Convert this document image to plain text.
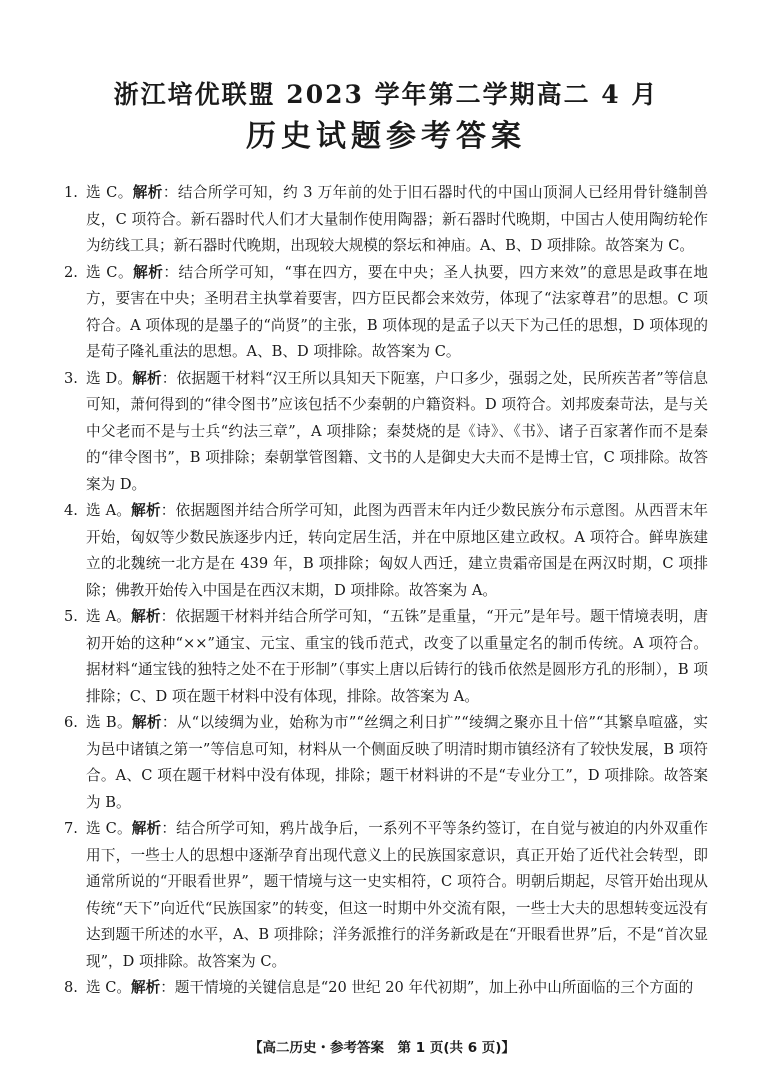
浙江培优联盟 2023 学年第二学期高二 4 月
历史试题参考答案

1. 选 C。解析：结合所学可知，约 3 万年前的处于旧石器时代的中国山顶洞人已经用骨针缝制兽皮，C 项符合。新石器时代人们才大量制作使用陶器；新石器时代晚期，中国古人使用陶纺轮作为纺线工具；新石器时代晚期，出现较大规模的祭坛和神庙。A、B、D 项排除。故答案为 C。

2. 选 C。解析：结合所学可知，“事在四方，要在中央；圣人执要，四方来效”的意思是政事在地方，要害在中央；圣明君主执掌着要害，四方臣民都会来效劳，体现了“法家尊君”的思想。C 项符合。A 项体现的是墨子的“尚贤”的主张，B 项体现的是孟子以天下为己任的思想，D 项体现的是荀子隆礼重法的思想。A、B、D 项排除。故答案为 C。

3. 选 D。解析：依据题干材料“汉王所以具知天下阨塞，户口多少，强弱之处，民所疾苦者”等信息可知，萧何得到的“律令图书”应该包括不少秦朝的户籍资料。D 项符合。刘邦废秦苛法，是与关中父老而不是与士兵“约法三章”，A 项排除；秦焚烧的是《诗》、《书》、诸子百家著作而不是秦的“律令图书”，B 项排除；秦朝掌管图籍、文书的人是御史大夫而不是博士官，C 项排除。故答案为 D。

4. 选 A。解析：依据题图并结合所学可知，此图为西晋末年内迁少数民族分布示意图。从西晋末年开始，匈奴等少数民族逐步内迁，转向定居生活，并在中原地区建立政权。A 项符合。鲜卑族建立的北魏统一北方是在 439 年，B 项排除；匈奴人西迁，建立贵霜帝国是在两汉时期，C 项排除；佛教开始传入中国是在西汉末期，D 项排除。故答案为 A。

5. 选 A。解析：依据题干材料并结合所学可知，“五铢”是重量，“开元”是年号。题干情境表明，唐初开始的这种“××”通宝、元宝、重宝的钱币范式，改变了以重量定名的制币传统。A 项符合。据材料“通宝钱的独特之处不在于形制”（事实上唐以后铸行的钱币依然是圆形方孔的形制），B 项排除；C、D 项在题干材料中没有体现，排除。故答案为 A。

6. 选 B。解析：从“以绫绸为业，始称为市”“丝绸之利日扩”“绫绸之聚亦且十倍”“其繁阜喧盛，实为邑中诸镇之第一”等信息可知，材料从一个侧面反映了明清时期市镇经济有了较快发展，B 项符合。A、C 项在题干材料中没有体现，排除；题干材料讲的不是“专业分工”，D 项排除。故答案为 B。

7. 选 C。解析：结合所学可知，鸦片战争后，一系列不平等条约签订，在自觉与被迫的内外双重作用下，一些士人的思想中逐渐孕育出现代意义上的民族国家意识，真正开始了近代社会转型，即通常所说的“开眼看世界”，题干情境与这一史实相符，C 项符合。明朝后期起，尽管开始出现从传统“天下”向近代“民族国家”的转变，但这一时期中外交流有限，一些士大夫的思想转变远没有达到题干所述的水平，A、B 项排除；洋务派推行的洋务新政是在“开眼看世界”后，不是“首次显现”，D 项排除。故答案为 C。

8. 选 C。解析：题干情境的关键信息是“20 世纪 20 年代初期”，加上孙中山所面临的三个方面的

【高二历史・参考答案　第 1 页(共 6 页)】
